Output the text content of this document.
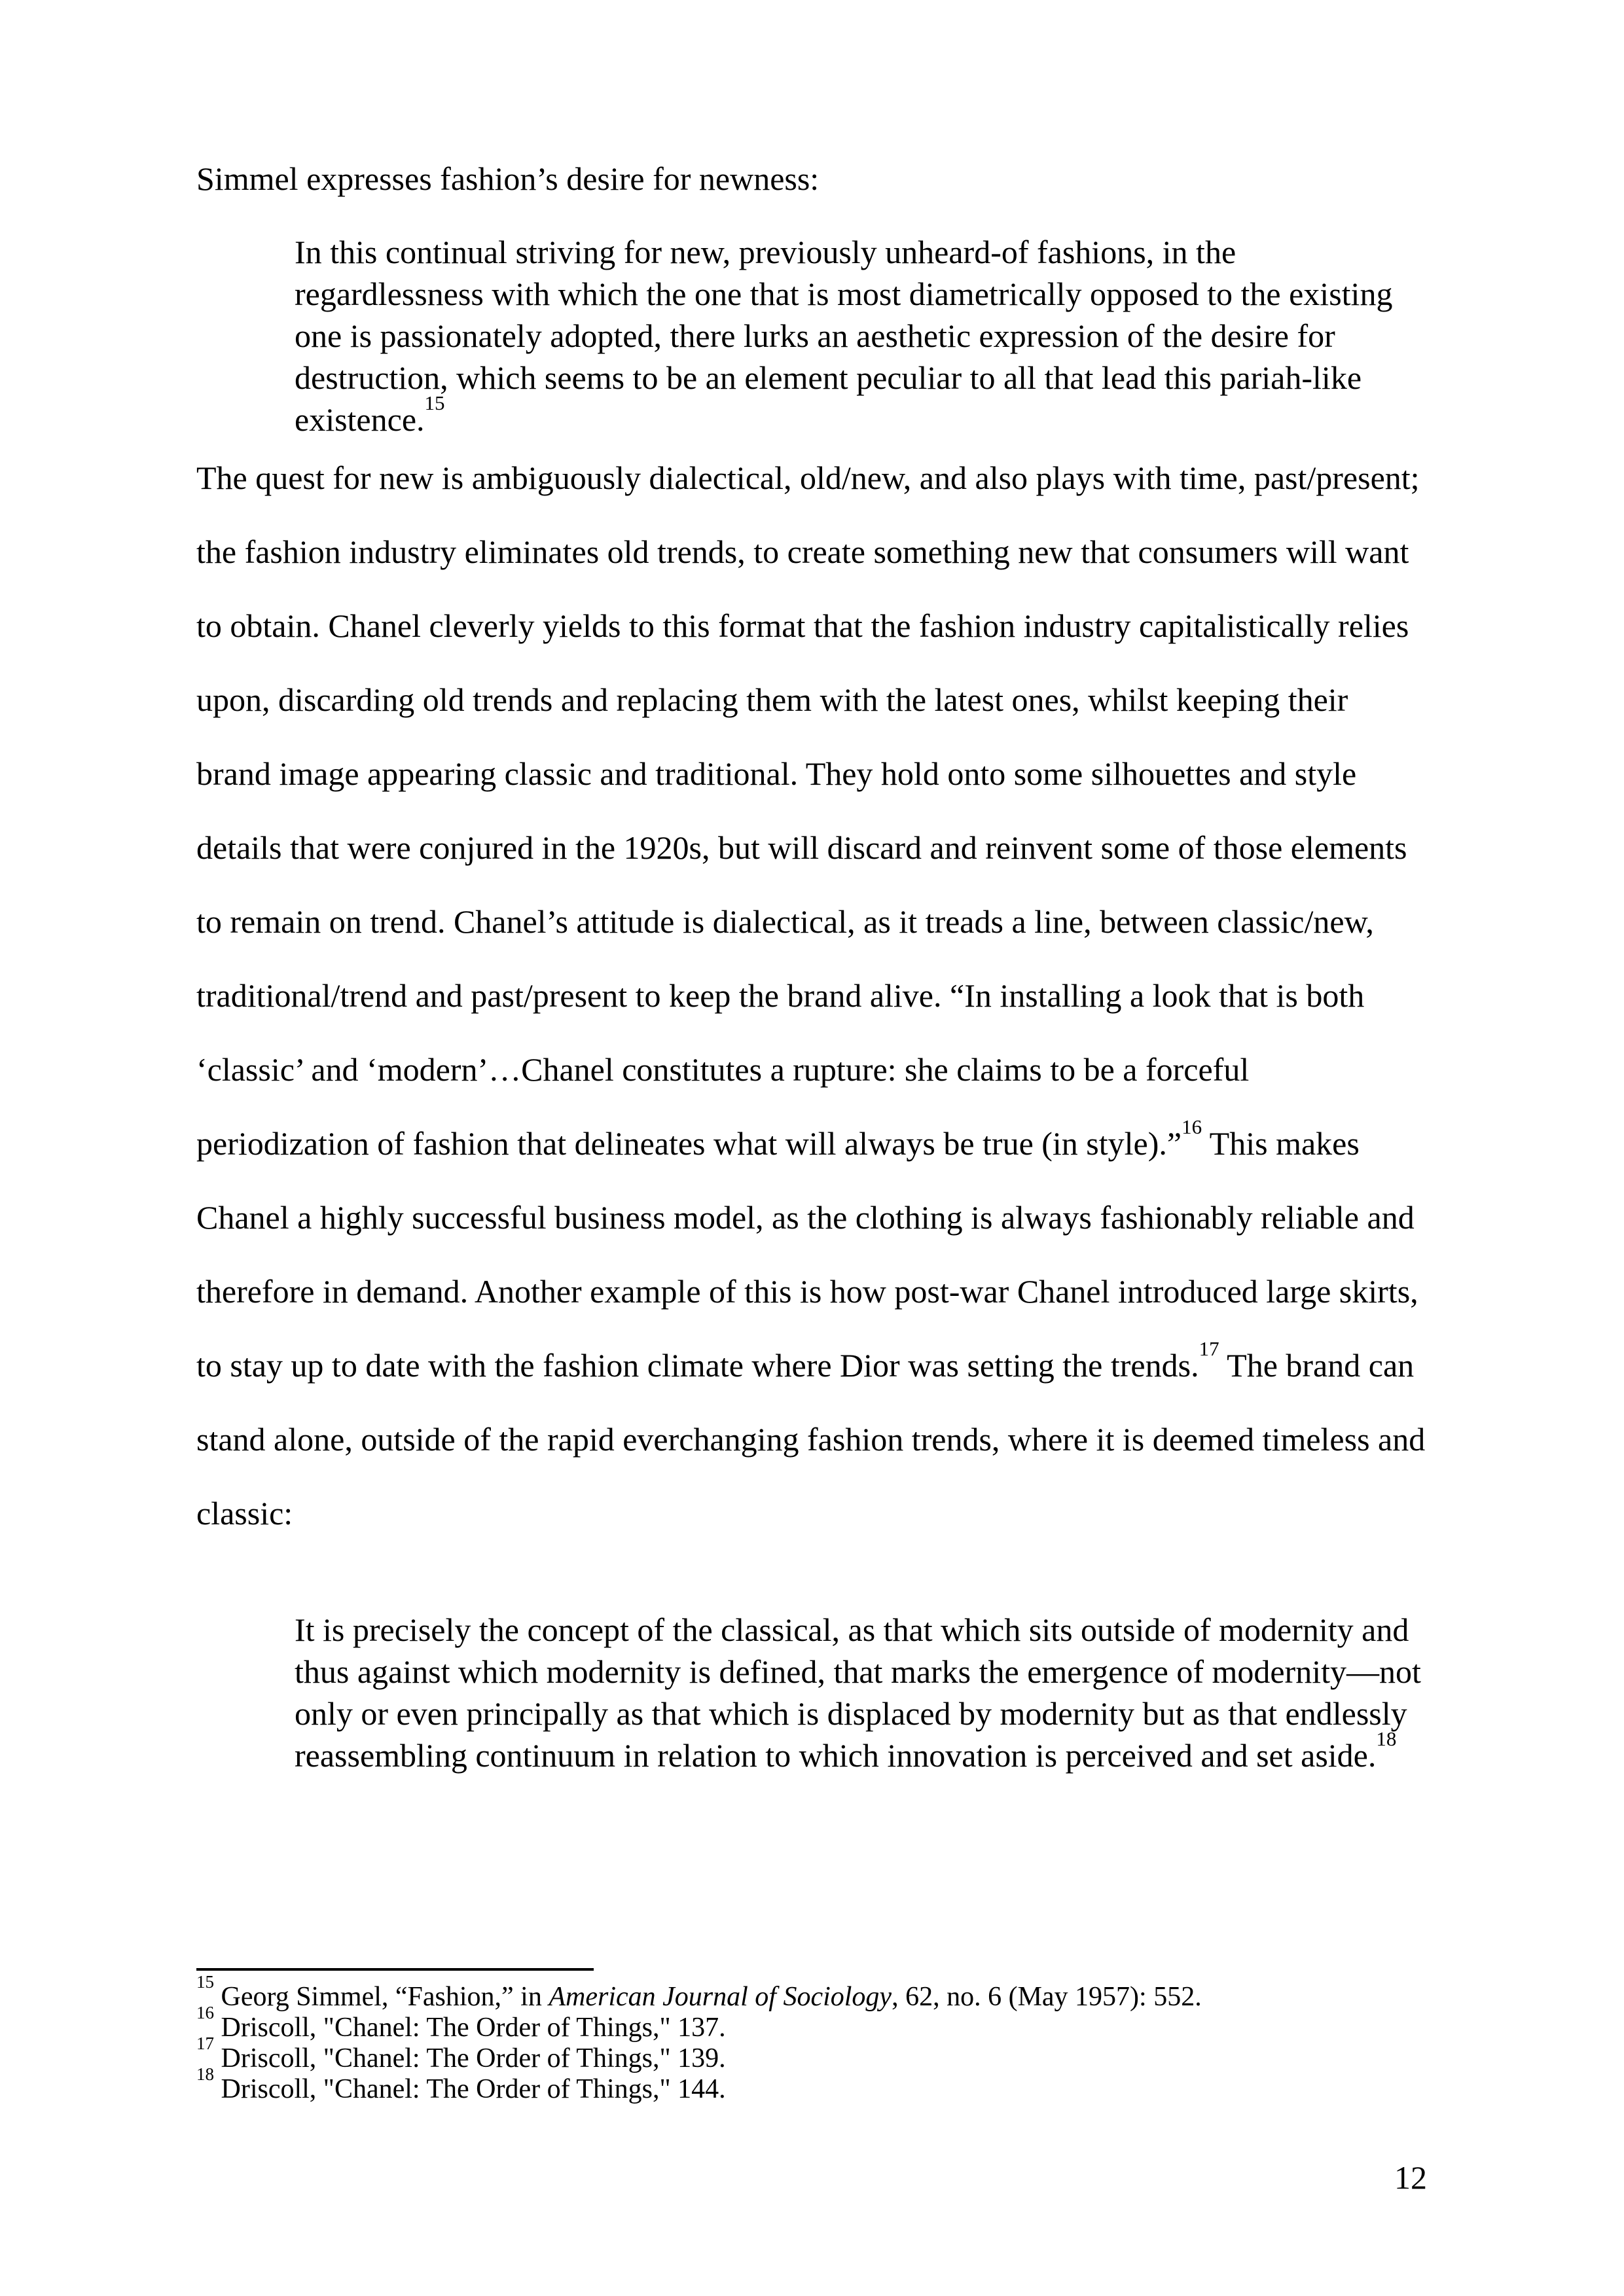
Simmel expresses fashion’s desire for newness:
In this continual striving for new, previously unheard-of fashions, in the
regardlessness with which the one that is most diametrically opposed to the existing
one is passionately adopted, there lurks an aesthetic expression of the desire for
destruction, which seems to be an element peculiar to all that lead this pariah-like
existence.$^{15}$
The quest for new is ambiguously dialectical, old/new, and also plays with time, past/present;
the fashion industry eliminates old trends, to create something new that consumers will want
to obtain. Chanel cleverly yields to this format that the fashion industry capitalistically relies
upon, discarding old trends and replacing them with the latest ones, whilst keeping their
brand image appearing classic and traditional. They hold onto some silhouettes and style
details that were conjured in the 1920s, but will discard and reinvent some of those elements
to remain on trend. Chanel’s attitude is dialectical, as it treads a line, between classic/new,
traditional/trend and past/present to keep the brand alive. “In installing a look that is both
‘classic’ and ‘modern’…Chanel constitutes a rupture: she claims to be a forceful
periodization of fashion that delineates what will always be true (in style).”$^{16}$ This makes
Chanel a highly successful business model, as the clothing is always fashionably reliable and
therefore in demand. Another example of this is how post-war Chanel introduced large skirts,
to stay up to date with the fashion climate where Dior was setting the trends.$^{17}$ The brand can
stand alone, outside of the rapid everchanging fashion trends, where it is deemed timeless and
classic:
It is precisely the concept of the classical, as that which sits outside of modernity and
thus against which modernity is defined, that marks the emergence of modernity—not
only or even principally as that which is displaced by modernity but as that endlessly
reassembling continuum in relation to which innovation is perceived and set aside.$^{18}$
$^{15}$ Georg Simmel, “Fashion,” in American Journal of Sociology, 62, no. 6 (May 1957): 552.
$^{16}$ Driscoll, "Chanel: The Order of Things," 137.
$^{17}$ Driscoll, "Chanel: The Order of Things," 139.
$^{18}$ Driscoll, "Chanel: The Order of Things," 144.
12
